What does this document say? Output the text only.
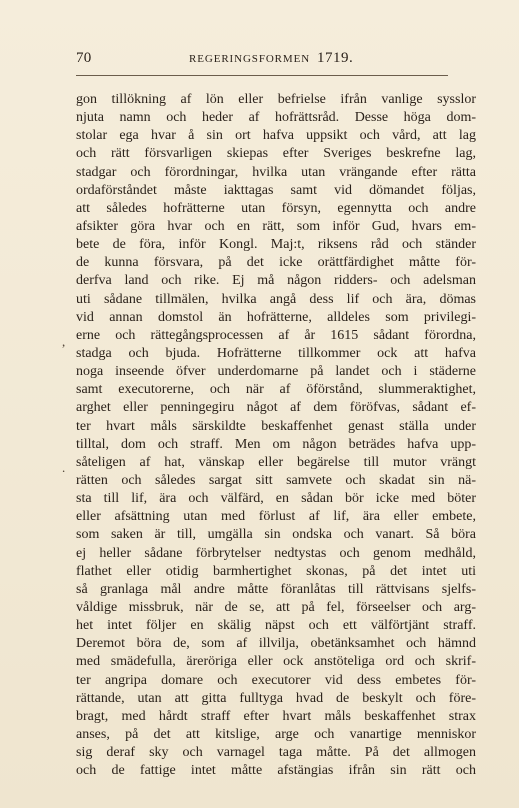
70	REGERINGSFORMEN 1719.
,
.
gon tillökning af lön eller befrielse ifrån vanlige sysslor
njuta namn och heder af hofrättsråd. Desse höga dom-
stolar ega hvar å sin ort hafva uppsikt och vård, att lag
och rätt försvarligen skiepas efter Sveriges beskrefne lag,
stadgar och förordningar, hvilka utan vrängande efter rätta
ordaförståndet måste iakttagas samt vid dömandet följas,
att således hofrätterne utan försyn, egennytta och andre
afsikter göra hvar och en rätt, som inför Gud, hvars em-
bete de föra, inför Kongl. Maj:t, riksens råd och ständer
de kunna försvara, på det icke orättfärdighet måtte för-
derfva land och rike. Ej må någon ridders- och adelsman
uti sådane tillmälen, hvilka angå dess lif och ära, dömas
vid annan domstol än hofrätterne, alldeles som privilegi-
erne och rättegångsprocessen af år 1615 sådant förordna,
stadga och bjuda. Hofrätterne tillkommer ock att hafva
noga inseende öfver underdomarne på landet och i städerne
samt executorerne, och när af öförstånd, slummeraktighet,
arghet eller penningegiru något af dem föröfvas, sådant ef-
ter hvart måls särskildte beskaffenhet genast ställa under
tilltal, dom och straff. Men om någon beträdes hafva upp-
såteligen af hat, vänskap eller begärelse till mutor vrängt
rätten och således sargat sitt samvete och skadat sin nä-
sta till lif, ära och välfärd, en sådan bör icke med böter
eller afsättning utan med förlust af lif, ära eller embete,
som saken är till, umgälla sin ondska och vanart. Så böra
ej heller sådane förbrytelser nedtystas och genom medhåld,
flathet eller otidig barmhertighet skonas, på det intet uti
så granlaga mål andre måtte föranlåtas till rättvisans sjelfs-
våldige missbruk, när de se, att på fel, förseelser och arg-
het intet följer en skälig näpst och ett välförtjänt straff.
Deremot böra de, som af illvilja, obetänksamhet och hämnd
med smädefulla, äreröriga eller ock anstöteliga ord och skrif-
ter angripa domare och executorer vid dess embetes för-
rättande, utan att gitta fulltyga hvad de beskylt och före-
bragt, med hårdt straff efter hvart måls beskaffenhet strax
anses, på det att kitslige, arge och vanartige menniskor
sig deraf sky och varnagel taga måtte. På det allmogen
och de fattige intet måtte afstängias ifrån sin rätt och
